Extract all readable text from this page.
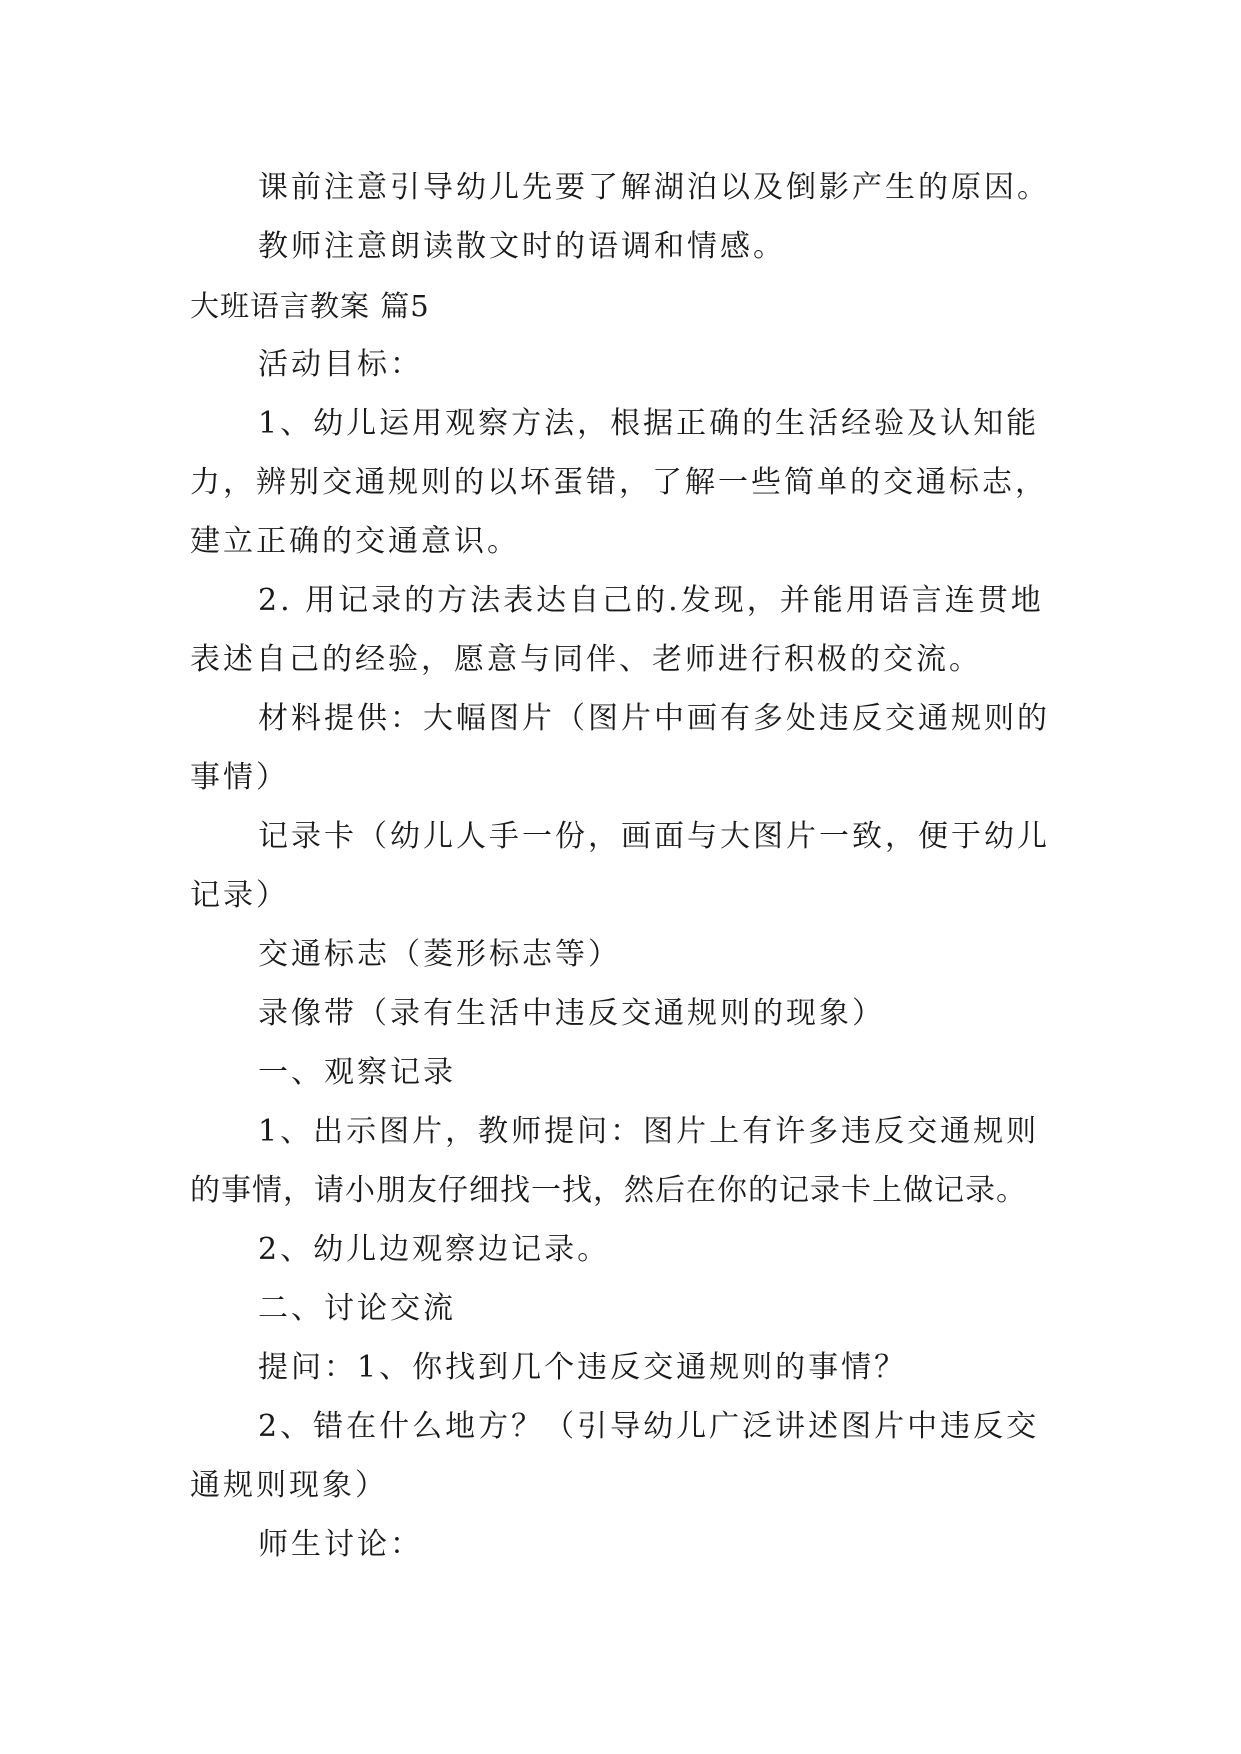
课前注意引导幼儿先要了解湖泊以及倒影产生的原因。
教师注意朗读散文时的语调和情感。
大班语言教案 篇5
活动目标：
1、幼儿运用观察方法，根据正确的生活经验及认知能
力，辨别交通规则的以坏蛋错，了解一些简单的交通标志，
建立正确的交通意识。
2. 用记录的方法表达自己的.发现，并能用语言连贯地
表述自己的经验，愿意与同伴、老师进行积极的交流。
材料提供：大幅图片（图片中画有多处违反交通规则的
事情）
记录卡（幼儿人手一份，画面与大图片一致，便于幼儿
记录）
交通标志（菱形标志等）
录像带（录有生活中违反交通规则的现象）
一、观察记录
1、出示图片，教师提问：图片上有许多违反交通规则
的事情，请小朋友仔细找一找，然后在你的记录卡上做记录。
2、幼儿边观察边记录。
二、讨论交流
提问：1、你找到几个违反交通规则的事情？
2、错在什么地方？（引导幼儿广泛讲述图片中违反交
通规则现象）
师生讨论：
